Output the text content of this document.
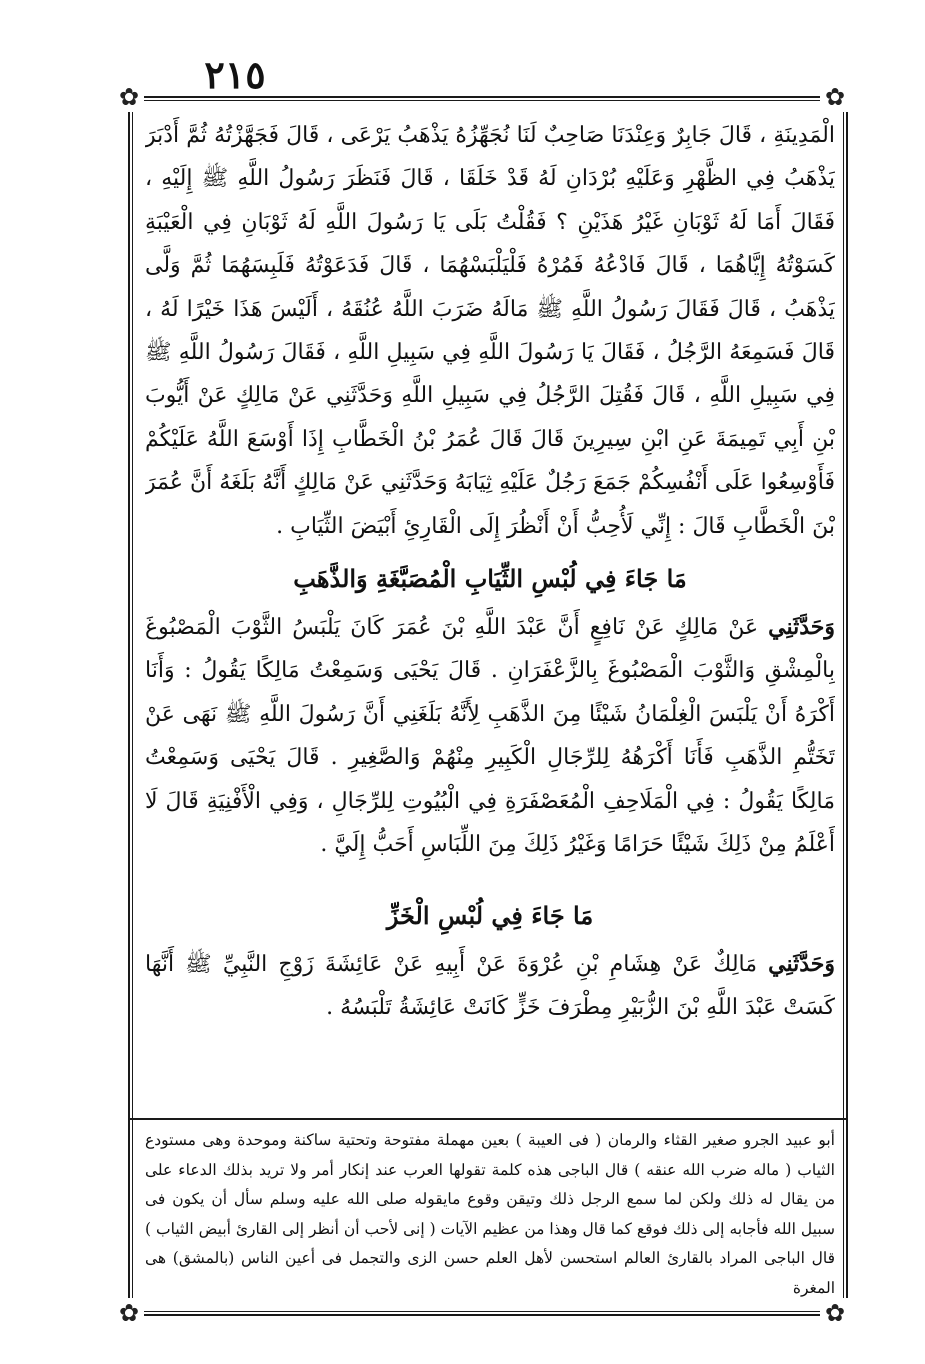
٢١٥
✿	✿
✿	✿

الْمَدِينَةِ ، قَالَ جَابِرٌ وَعِنْدَنَا صَاحِبٌ لَنَا نُجَهِّزُهُ يَذْهَبُ يَرْعَى ، قَالَ فَجَهَّزْتُهُ ثُمَّ أَدْبَرَ يَذْهَبُ فِي الظَّهْرِ وَعَلَيْهِ بُرْدَانِ لَهُ قَدْ خَلَقَا ، قَالَ فَنَظَرَ رَسُولُ اللَّهِ ﷺ إِلَيْهِ ، فَقَالَ أَمَا لَهُ ثَوْبَانِ غَيْرُ هَذَيْنِ ؟ فَقُلْتُ بَلَى يَا رَسُولَ اللَّهِ لَهُ ثَوْبَانِ فِي الْعَيْبَةِ كَسَوْتُهُ إِيَّاهُمَا ، قَالَ فَادْعُهُ فَمُرْهُ فَلْيَلْبَسْهُمَا ، قَالَ فَدَعَوْتُهُ فَلَبِسَهُمَا ثُمَّ وَلَّى يَذْهَبُ ، قَالَ فَقَالَ رَسُولُ اللَّهِ ﷺ مَالَهُ ضَرَبَ اللَّهُ عُنُقَهُ ، أَلَيْسَ هَذَا خَيْرًا لَهُ ، قَالَ فَسَمِعَهُ الرَّجُلُ ، فَقَالَ يَا رَسُولَ اللَّهِ فِي سَبِيلِ اللَّهِ ، فَقَالَ رَسُولُ اللَّهِ ﷺ فِي سَبِيلِ اللَّهِ ، قَالَ فَقُتِلَ الرَّجُلُ فِي سَبِيلِ اللَّهِ وَحَدَّثَنِي عَنْ مَالِكٍ عَنْ أَيُّوبَ بْنِ أَبِي تَمِيمَةَ عَنِ ابْنِ سِيرِينَ قَالَ قَالَ عُمَرُ بْنُ الْخَطَّابِ إِذَا أَوْسَعَ اللَّهُ عَلَيْكُمْ فَأَوْسِعُوا عَلَى أَنْفُسِكُمْ جَمَعَ رَجُلٌ عَلَيْهِ ثِيَابَهُ وَحَدَّثَنِي عَنْ مَالِكٍ أَنَّهُ بَلَغَهُ أَنَّ عُمَرَ بْنَ الْخَطَّابِ قَالَ : إِنِّي لَأُحِبُّ أَنْ أَنْظُرَ إِلَى الْقَارِئِ أَبْيَضَ الثِّيَابِ .

مَا جَاءَ فِي لُبْسِ الثِّيَابِ الْمُصَبَّغَةِ وَالذَّهَبِ

وَحَدَّثَنِي عَنْ مَالِكٍ عَنْ نَافِعٍ أَنَّ عَبْدَ اللَّهِ بْنَ عُمَرَ كَانَ يَلْبَسُ الثَّوْبَ الْمَصْبُوغَ بِالْمِشْقِ وَالثَّوْبَ الْمَصْبُوغَ بِالزَّعْفَرَانِ . قَالَ يَحْيَى وَسَمِعْتُ مَالِكًا يَقُولُ : وَأَنَا أَكْرَهُ أَنْ يَلْبَسَ الْغِلْمَانُ شَيْئًا مِنَ الذَّهَبِ لِأَنَّهُ بَلَغَنِي أَنَّ رَسُولَ اللَّهِ ﷺ نَهَى عَنْ تَخَتُّمِ الذَّهَبِ فَأَنَا أَكْرَهُهُ لِلرِّجَالِ الْكَبِيرِ مِنْهُمْ وَالصَّغِيرِ . قَالَ يَحْيَى وَسَمِعْتُ مَالِكًا يَقُولُ : فِي الْمَلَاحِفِ الْمُعَصْفَرَةِ فِي الْبُيُوتِ لِلرِّجَالِ ، وَفِي الْأَفْنِيَةِ قَالَ لَا أَعْلَمُ مِنْ ذَلِكَ شَيْئًا حَرَامًا وَغَيْرُ ذَلِكَ مِنَ اللِّبَاسِ أَحَبُّ إِلَيَّ .

مَا جَاءَ فِي لُبْسِ الْخَزِّ

وَحَدَّثَنِي مَالِكٌ عَنْ هِشَامِ بْنِ عُرْوَةَ عَنْ أَبِيهِ عَنْ عَائِشَةَ زَوْجِ النَّبِيِّ ﷺ أَنَّهَا كَسَتْ عَبْدَ اللَّهِ بْنَ الزُّبَيْرِ مِطْرَفَ خَزٍّ كَانَتْ عَائِشَةُ تَلْبَسُهُ .

أبو عبيد الجرو صغير القثاء والرمان ( فى العيبة ) بعين مهملة مفتوحة وتحتية ساكنة وموحدة وهى مستودع الثياب ( ماله ضرب الله عنقه ) قال الباجى هذه كلمة تقولها العرب عند إنكار أمر ولا تريد بذلك الدعاء على من يقال له ذلك ولكن لما سمع الرجل ذلك وتيقن وقوع مايقوله صلى الله عليه وسلم سأل أن يكون فى سبيل الله فأجابه إلى ذلك فوقع كما قال وهذا من عظيم الآيات ( إنى لأحب أن أنظر إلى القارئ أبيض الثياب ) قال الباجى المراد بالقارئ العالم استحسن لأهل العلم حسن الزى والتجمل فى أعين الناس (بالمشق) هى المغرة
